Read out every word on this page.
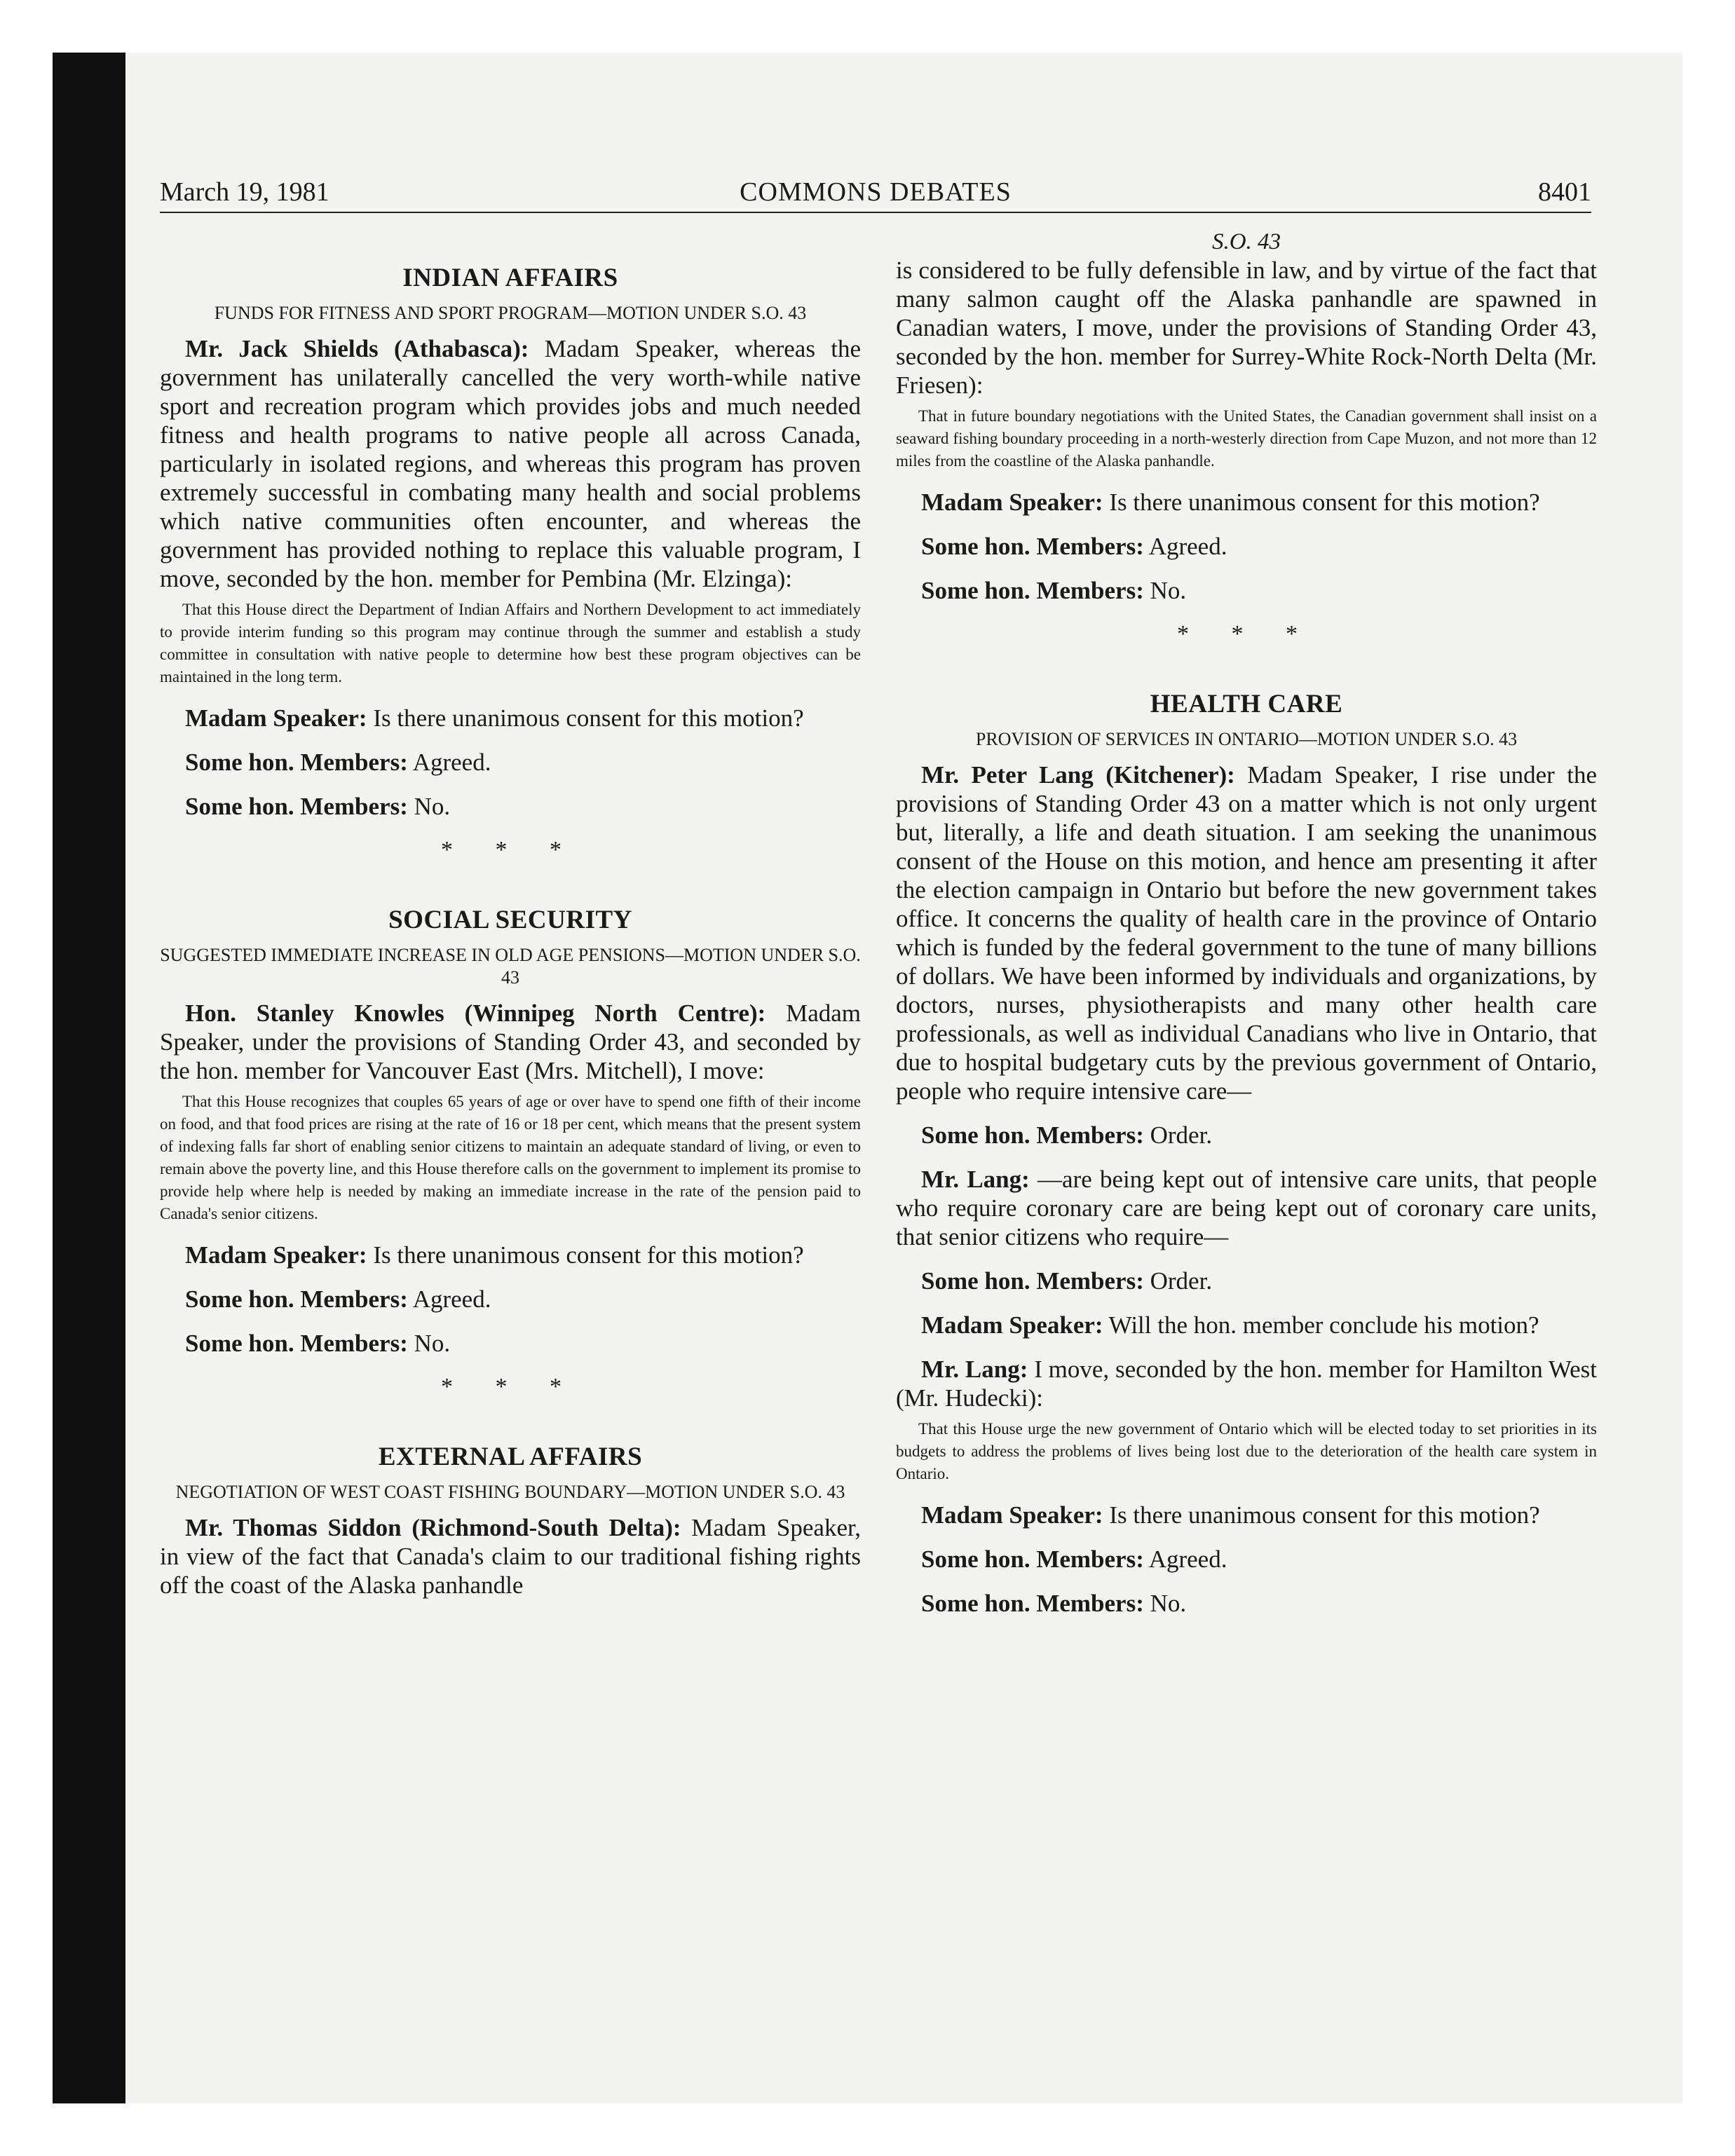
COMMONS DEBATES
March 19, 1981	8401
INDIAN AFFAIRS
FUNDS FOR FITNESS AND SPORT PROGRAM—MOTION UNDER S.O. 43

Mr. Jack Shields (Athabasca): Madam Speaker, whereas the government has unilaterally cancelled the very worth-while native sport and recreation program which provides jobs and much needed fitness and health programs to native people all across Canada, particularly in isolated regions, and whereas this program has proven extremely successful in combating many health and social problems which native communities often encounter, and whereas the government has provided nothing to replace this valuable program, I move, seconded by the hon. member for Pembina (Mr. Elzinga):

That this House direct the Department of Indian Affairs and Northern Development to act immediately to provide interim funding so this program may continue through the summer and establish a study committee in consultation with native people to determine how best these program objectives can be maintained in the long term.

Madam Speaker: Is there unanimous consent for this motion?

Some hon. Members: Agreed.

Some hon. Members: No.

* * *
SOCIAL SECURITY
SUGGESTED IMMEDIATE INCREASE IN OLD AGE PENSIONS—MOTION UNDER S.O. 43

Hon. Stanley Knowles (Winnipeg North Centre): Madam Speaker, under the provisions of Standing Order 43, and seconded by the hon. member for Vancouver East (Mrs. Mitchell), I move:

That this House recognizes that couples 65 years of age or over have to spend one fifth of their income on food, and that food prices are rising at the rate of 16 or 18 per cent, which means that the present system of indexing falls far short of enabling senior citizens to maintain an adequate standard of living, or even to remain above the poverty line, and this House therefore calls on the government to implement its promise to provide help where help is needed by making an immediate increase in the rate of the pension paid to Canada's senior citizens.

Madam Speaker: Is there unanimous consent for this motion?

Some hon. Members: Agreed.

Some hon. Members: No.

* * *
EXTERNAL AFFAIRS
NEGOTIATION OF WEST COAST FISHING BOUNDARY—MOTION UNDER S.O. 43

Mr. Thomas Siddon (Richmond-South Delta): Madam Speaker, in view of the fact that Canada's claim to our traditional fishing rights off the coast of the Alaska panhandle

S.O. 43

is considered to be fully defensible in law, and by virtue of the fact that many salmon caught off the Alaska panhandle are spawned in Canadian waters, I move, under the provisions of Standing Order 43, seconded by the hon. member for Surrey-White Rock-North Delta (Mr. Friesen):

That in future boundary negotiations with the United States, the Canadian government shall insist on a seaward fishing boundary proceeding in a north-westerly direction from Cape Muzon, and not more than 12 miles from the coastline of the Alaska panhandle.

Madam Speaker: Is there unanimous consent for this motion?

Some hon. Members: Agreed.

Some hon. Members: No.

* * *
HEALTH CARE
PROVISION OF SERVICES IN ONTARIO—MOTION UNDER S.O. 43

Mr. Peter Lang (Kitchener): Madam Speaker, I rise under the provisions of Standing Order 43 on a matter which is not only urgent but, literally, a life and death situation. I am seeking the unanimous consent of the House on this motion, and hence am presenting it after the election campaign in Ontario but before the new government takes office. It concerns the quality of health care in the province of Ontario which is funded by the federal government to the tune of many billions of dollars. We have been informed by individuals and organizations, by doctors, nurses, physiotherapists and many other health care professionals, as well as individual Canadians who live in Ontario, that due to hospital budgetary cuts by the previous government of Ontario, people who require intensive care—

Some hon. Members: Order.

Mr. Lang: —are being kept out of intensive care units, that people who require coronary care are being kept out of coronary care units, that senior citizens who require—

Some hon. Members: Order.

Madam Speaker: Will the hon. member conclude his motion?

Mr. Lang: I move, seconded by the hon. member for Hamilton West (Mr. Hudecki):

That this House urge the new government of Ontario which will be elected today to set priorities in its budgets to address the problems of lives being lost due to the deterioration of the health care system in Ontario.

Madam Speaker: Is there unanimous consent for this motion?

Some hon. Members: Agreed.

Some hon. Members: No.
